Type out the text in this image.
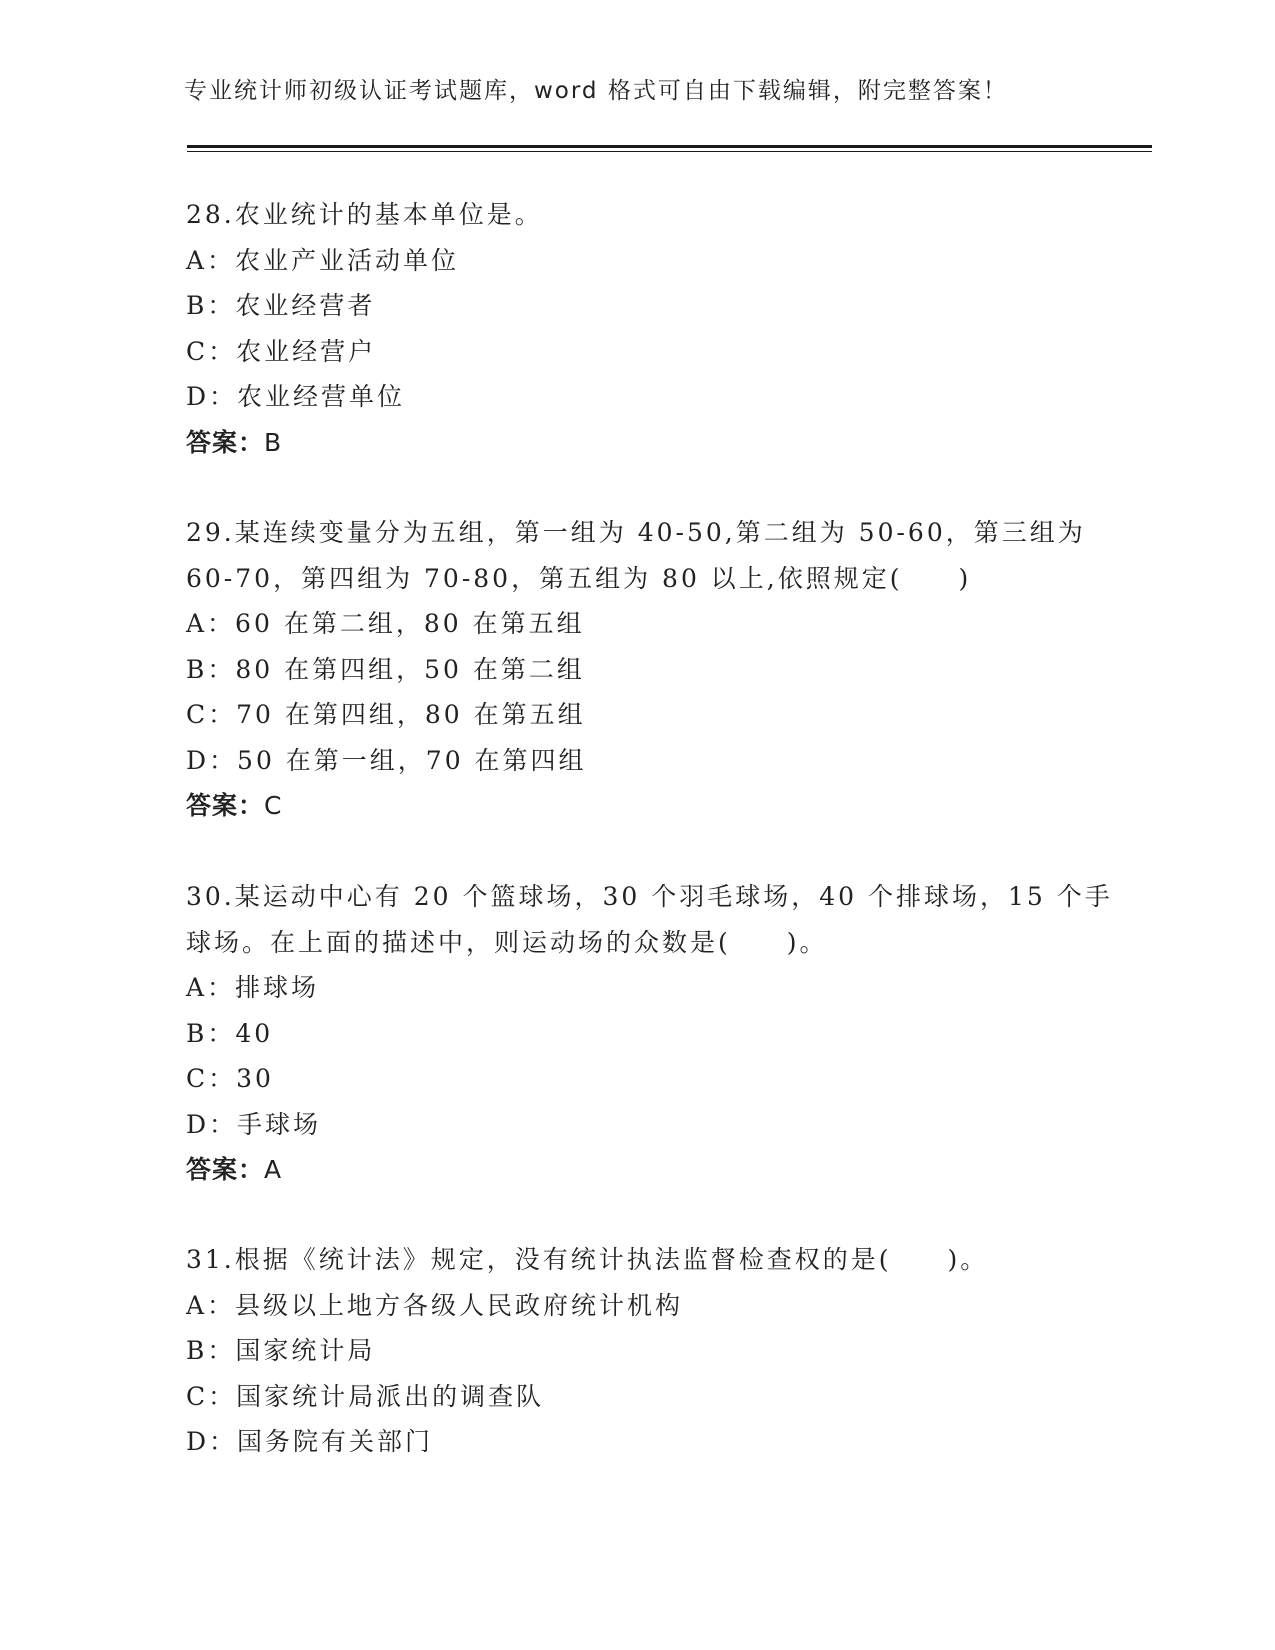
专业统计师初级认证考试题库，word 格式可自由下载编辑，附完整答案！
28.农业统计的基本单位是。
A：农业产业活动单位
B：农业经营者
C：农业经营户
D：农业经营单位
答案：B
29.某连续变量分为五组，第一组为 40-50,第二组为 50-60，第三组为
60-70，第四组为 70-80，第五组为 80 以上,依照规定(　　)
A：60 在第二组，80 在第五组
B：80 在第四组，50 在第二组
C：70 在第四组，80 在第五组
D：50 在第一组，70 在第四组
答案：C
30.某运动中心有 20 个篮球场，30 个羽毛球场，40 个排球场，15 个手
球场。在上面的描述中，则运动场的众数是(　　)。
A：排球场
B：40
C：30
D：手球场
答案：A
31.根据《统计法》规定，没有统计执法监督检查权的是(　　)。
A：县级以上地方各级人民政府统计机构
B：国家统计局
C：国家统计局派出的调查队
D：国务院有关部门
